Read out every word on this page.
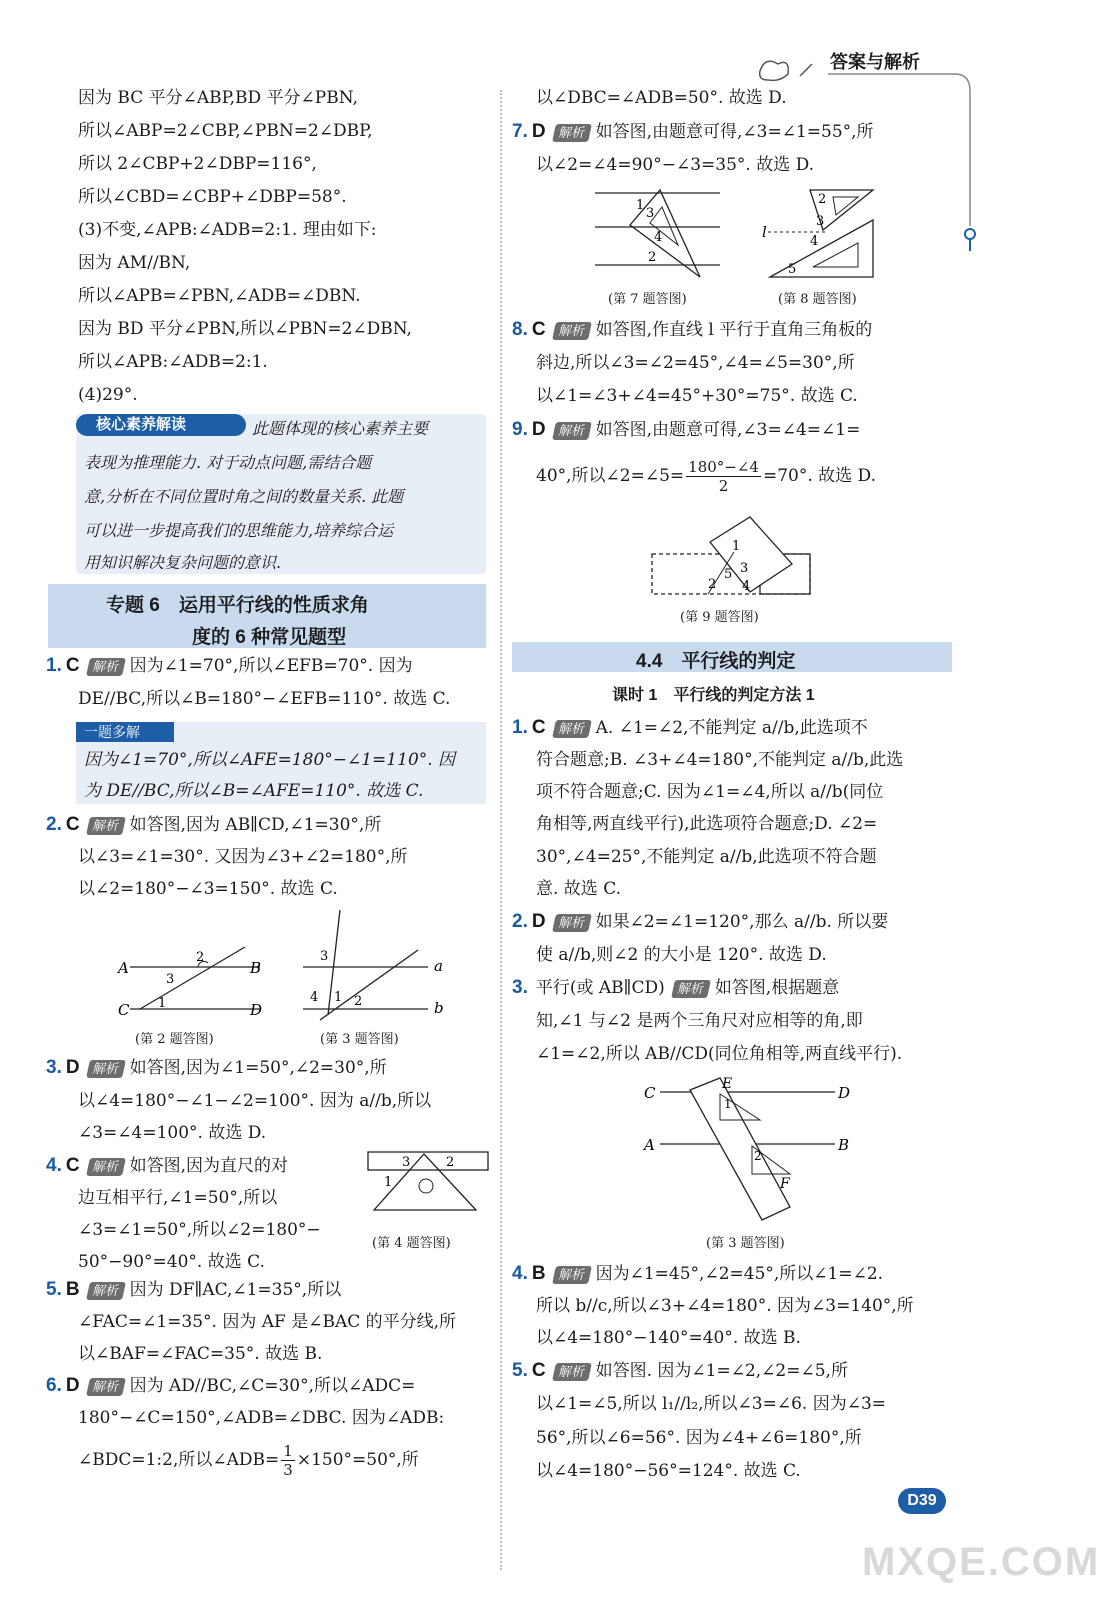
答案与解析
因为 BC 平分∠ABP,BD 平分∠PBN,
所以∠ABP=2∠CBP,∠PBN=2∠DBP,
所以 2∠CBP+2∠DBP=116°,
所以∠CBD=∠CBP+∠DBP=58°.
(3)不变,∠APB:∠ADB=2:1. 理由如下:
因为 AM//BN,
所以∠APB=∠PBN,∠ADB=∠DBN.
因为 BD 平分∠PBN,所以∠PBN=2∠DBN,
所以∠APB:∠ADB=2:1.
(4)29°.
核心素养解读	此题体现的核心素养主要
表现为推理能力. 对于动点问题,需结合题
意,分析在不同位置时角之间的数量关系. 此题
可以进一步提高我们的思维能力,培养综合运
用知识解决复杂问题的意识.
专题 6　运用平行线的性质求角
度的 6 种常见题型
1. C 解析 因为∠1=70°,所以∠EFB=70°. 因为
DE//BC,所以∠B=180°−∠EFB=110°. 故选 C.
一题多解
因为∠1=70°,所以∠AFE=180°−∠1=110°. 因
为 DE//BC,所以∠B=∠AFE=110°. 故选 C.
2. C 解析 如答图,因为 AB∥CD,∠1=30°,所
以∠3=∠1=30°. 又因为∠3+∠2=180°,所
以∠2=180°−∠3=150°. 故选 C.
A	B
C	D
1
2
3
(第 2 题答图)
a
b
1 2
3
4
(第 3 题答图)
3. D 解析 如答图,因为∠1=50°,∠2=30°,所
以∠4=180°−∠1−∠2=100°. 因为 a//b,所以
∠3=∠4=100°. 故选 D.
4. C 解析 如答图,因为直尺的对
边互相平行,∠1=50°,所以
∠3=∠1=50°,所以∠2=180°−
50°−90°=40°. 故选 C.
3	2
1
(第 4 题答图)
5. B 解析 因为 DF∥AC,∠1=35°,所以
∠FAC=∠1=35°. 因为 AF 是∠BAC 的平分线,所
以∠BAF=∠FAC=35°. 故选 B.
6. D 解析 因为 AD//BC,∠C=30°,所以∠ADC=
180°−∠C=150°,∠ADB=∠DBC. 因为∠ADB:
∠BDC=1:2,所以∠ADB= $\frac{1}{3} \times 150^\circ=50^\circ$,所
以∠DBC=∠ADB=50°. 故选 D.
7. D 解析 如答图,由题意可得,∠3=∠1=55°,所
以∠2=∠4=90°−∠3=35°. 故选 D.
1
3
4
2
(第 7 题答图)
l
2
3
4
5
(第 8 题答图)
8. C 解析 如答图,作直线 l 平行于直角三角板的
斜边,所以∠3=∠2=45°,∠4=∠5=30°,所
以∠1=∠3+∠4=45°+30°=75°. 故选 C.
9. D 解析 如答图,由题意可得,∠3=∠4=∠1=
40°,所以∠2=∠5= $\frac{180^\circ-\angle 4}{2} =70^\circ$. 故选 D.
1
2
5 3
4
(第 9 题答图)
4.4　平行线的判定
课时 1　平行线的判定方法 1
1. C 解析 A. ∠1=∠2,不能判定 a//b,此选项不
符合题意;B. ∠3+∠4=180°,不能判定 a//b,此选
项不符合题意;C. 因为∠1=∠4,所以 a//b(同位
角相等,两直线平行),此选项符合题意;D. ∠2=
30°,∠4=25°,不能判定 a//b,此选项不符合题
意. 故选 C.
2. D 解析 如果∠2=∠1=120°,那么 a//b. 所以要
使 a//b,则∠2 的大小是 120°. 故选 D.
3. 平行(或 AB∥CD) 解析 如答图,根据题意
知,∠1 与∠2 是两个三角尺对应相等的角,即
∠1=∠2,所以 AB//CD(同位角相等,两直线平行).
C	D
A	B
E
F
1
2
(第 3 题答图)
4. B 解析 因为∠1=45°,∠2=45°,所以∠1=∠2.
所以 b//c,所以∠3+∠4=180°. 因为∠3=140°,所
以∠4=180°−140°=40°. 故选 B.
5. C 解析 如答图. 因为∠1=∠2,∠2=∠5,所
以∠1=∠5,所以 l₁//l₂,所以∠3=∠6. 因为∠3=
56°,所以∠6=56°. 因为∠4+∠6=180°,所
以∠4=180°−56°=124°. 故选 C.
D39
MXQE.COM
